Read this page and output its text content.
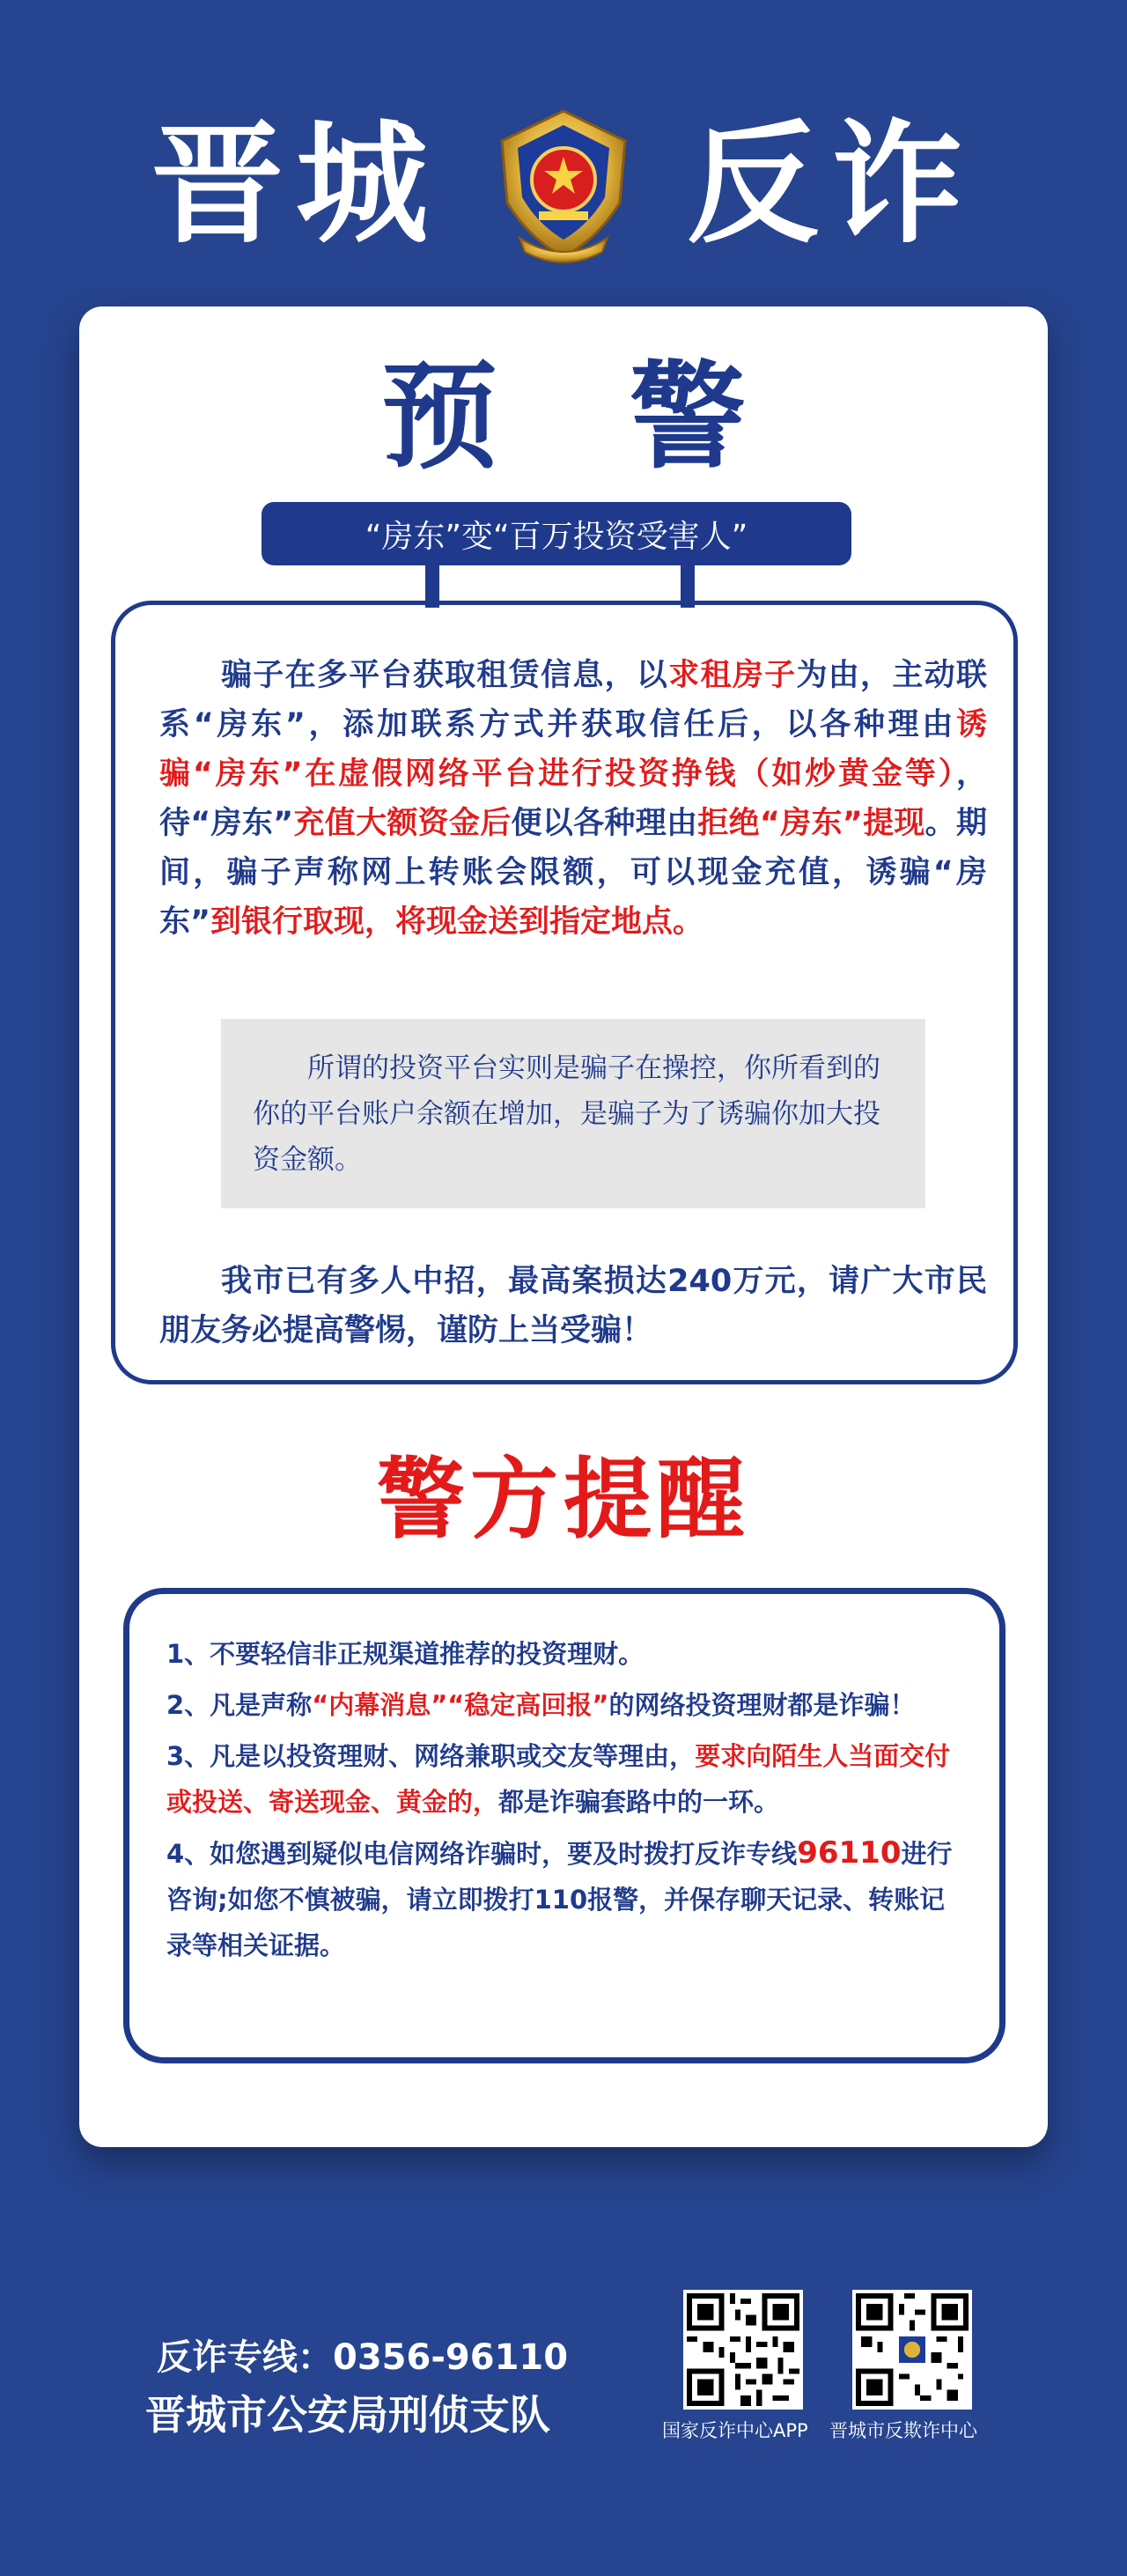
晋城 反诈
预警
“房东”变“百万投资受害人”
骗子在多平台获取租赁信息，以求租房子为由，主动联系“房东”，添加联系方式并获取信任后，以各种理由诱骗“房东”在虚假网络平台进行投资挣钱（如炒黄金等），待“房东”充值大额资金后便以各种理由拒绝“房东”提现。期间，骗子声称网上转账会限额，可以现金充值，诱骗“房东”到银行取现，将现金送到指定地点。
所谓的投资平台实则是骗子在操控，你所看到的你的平台账户余额在增加，是骗子为了诱骗你加大投资金额。
我市已有多人中招，最高案损达240万元，请广大市民朋友务必提高警惕，谨防上当受骗！
警方提醒
1、不要轻信非正规渠道推荐的投资理财。
2、凡是声称“内幕消息”“稳定高回报”的网络投资理财都是诈骗！
3、凡是以投资理财、网络兼职或交友等理由，要求向陌生人当面交付或投送、寄送现金、黄金的，都是诈骗套路中的一环。
4、如您遇到疑似电信网络诈骗时，要及时拨打反诈专线96110进行咨询;如您不慎被骗，请立即拨打110报警，并保存聊天记录、转账记录等相关证据。
反诈专线：0356-96110
晋城市公安局刑侦支队	国家反诈中心APP 晋城市反欺诈中心
